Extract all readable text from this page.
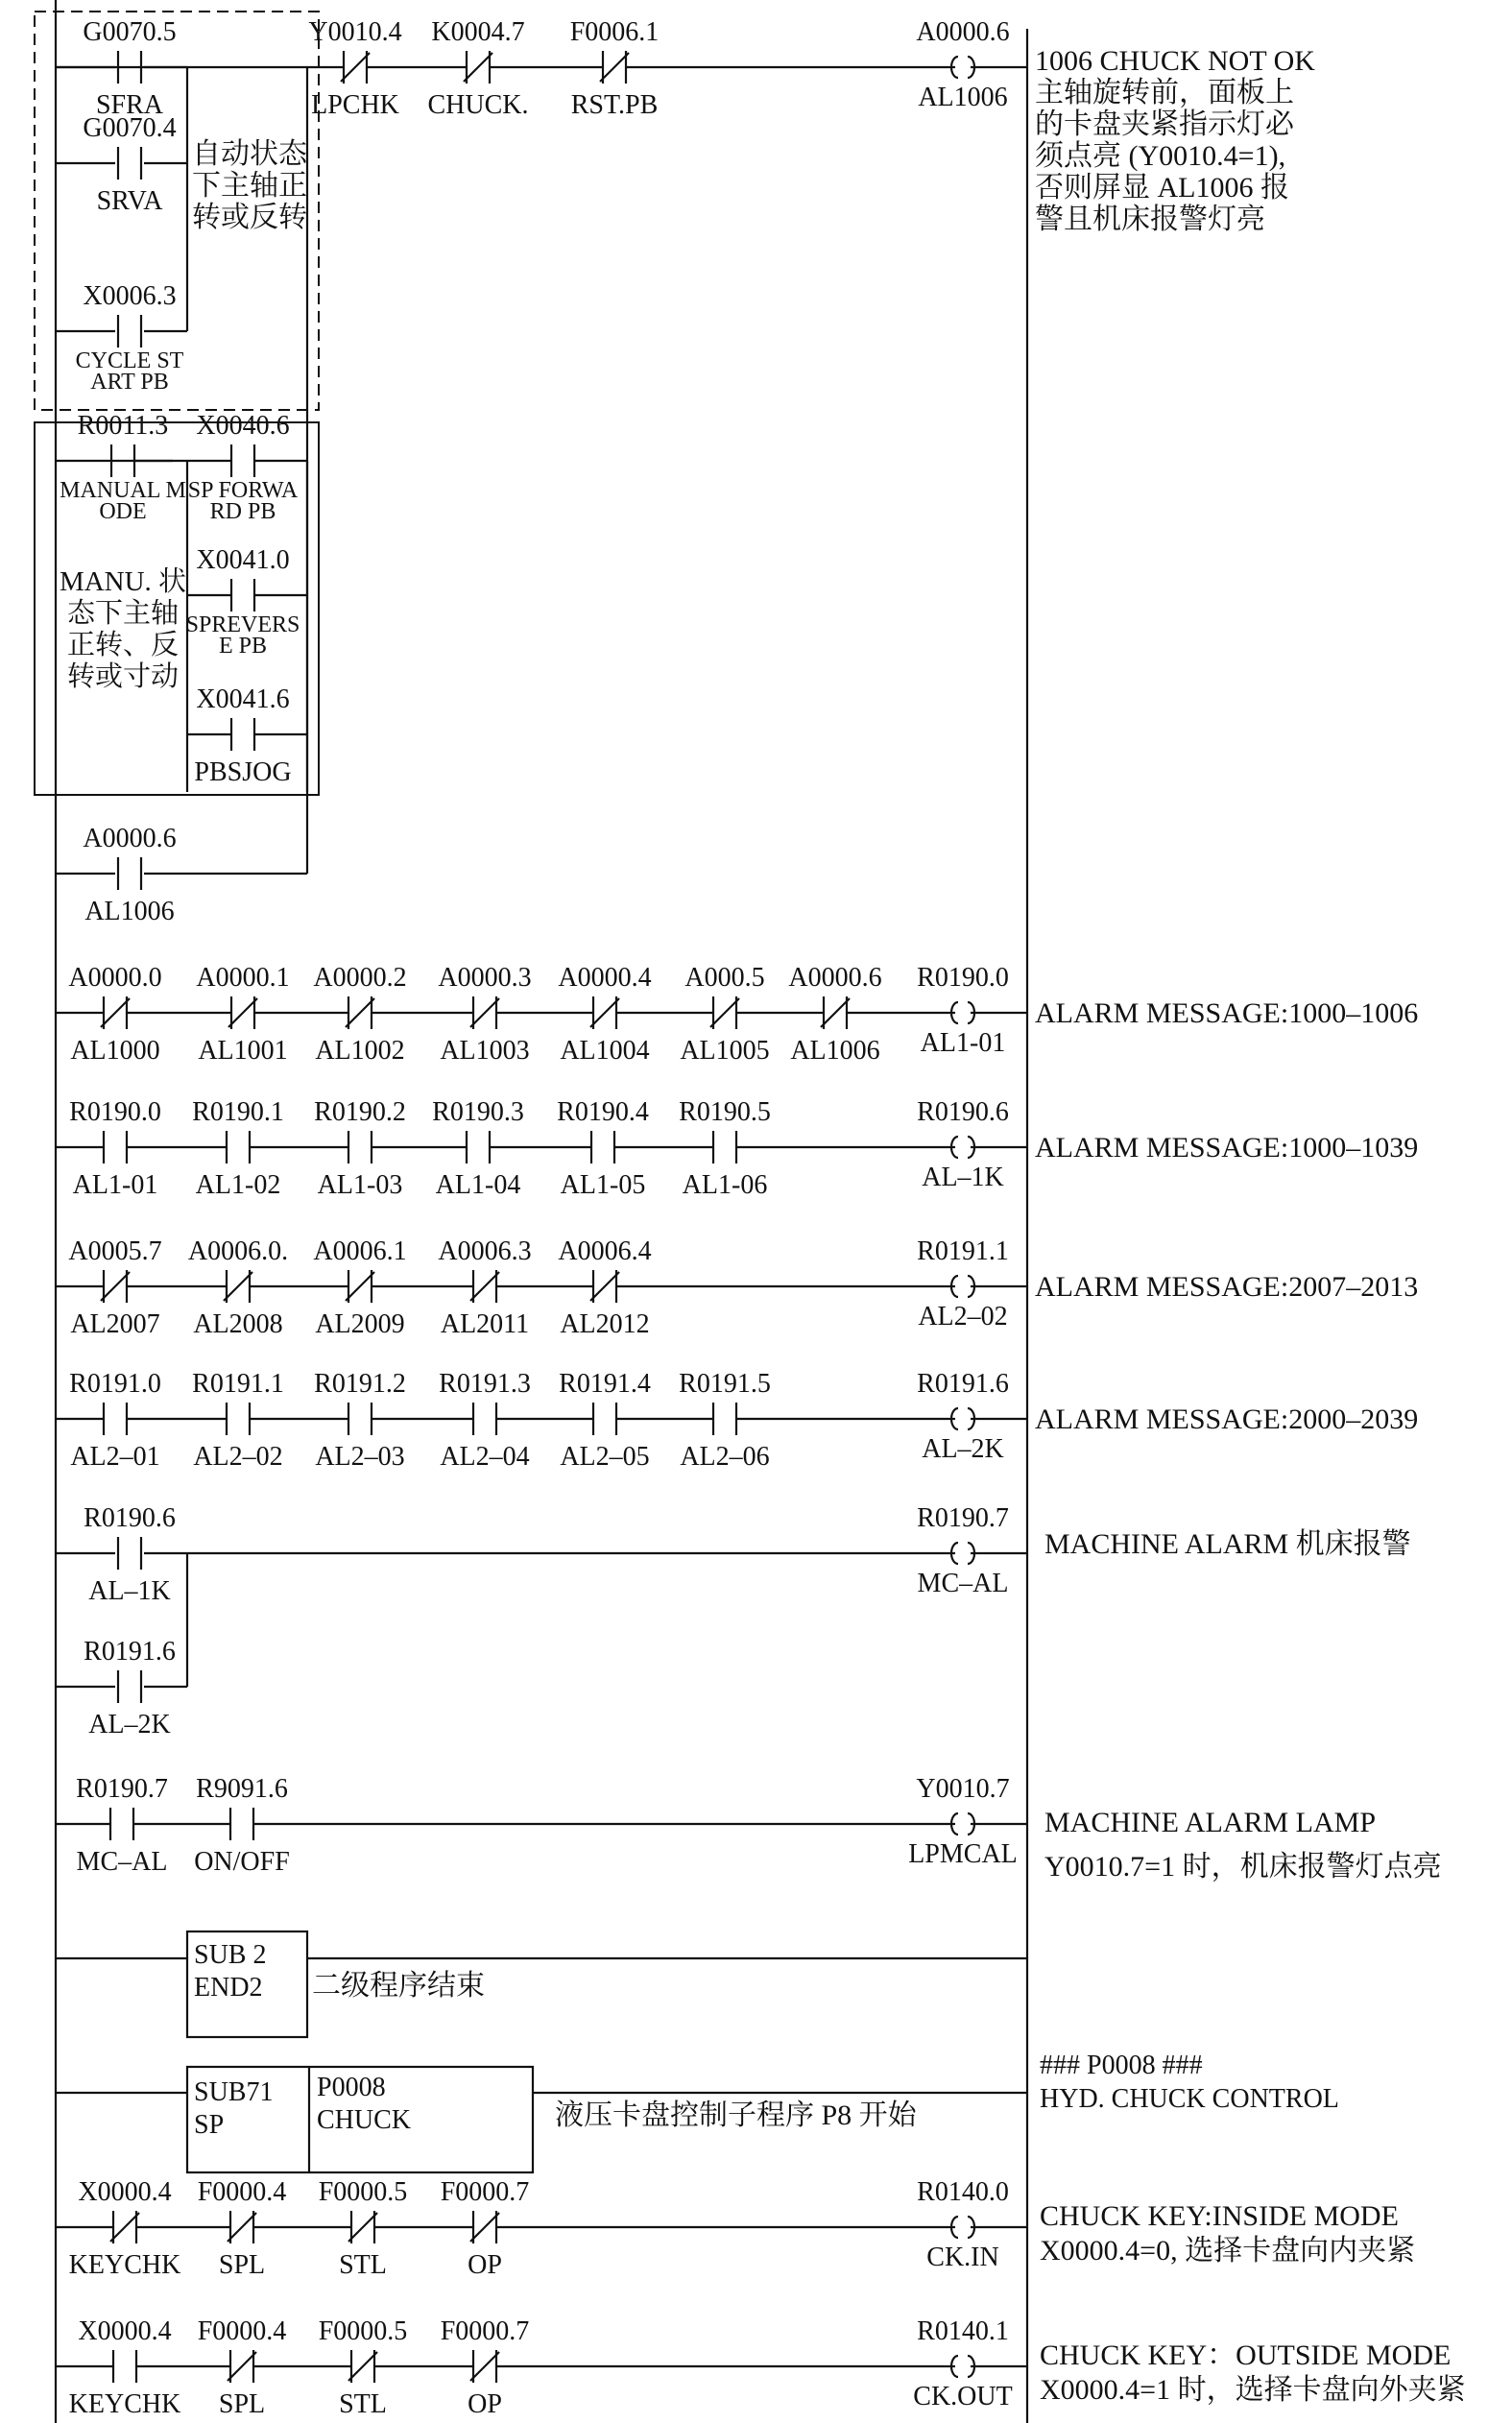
G0070.5
SFRA
G0070.4
SRVA
X0006.3
CYCLE ST
ART PB
自动状态
下主轴正
转或反转
R0011.3
MANUAL M
ODE
X0040.6
SP FORWA
RD PB
X0041.0
SPREVERS
E PB
X0041.6
PBSJOG
MANU. 状
态下主轴
正转、反
转或寸动
A0000.6
AL1006
Y0010.4
LPCHK
K0004.7
CHUCK.
F0006.1
RST.PB
A0000.6
AL1006
1006 CHUCK NOT OK
主轴旋转前，面板上
的卡盘夹紧指示灯必
须点亮 (Y0010.4=1),
否则屏显 AL1006 报
警且机床报警灯亮
A0000.0
AL1000
A0000.1
AL1001
A0000.2
AL1002
A0000.3
AL1003
A0000.4
AL1004
A000.5
AL1005
A0000.6
AL1006
R0190.0
AL1-01
ALARM MESSAGE:1000–1006
R0190.0
AL1-01
R0190.1
AL1-02
R0190.2
AL1-03
R0190.3
AL1-04
R0190.4
AL1-05
R0190.5
AL1-06
R0190.6
AL–1K
ALARM MESSAGE:1000–1039
A0005.7
AL2007
A0006.0.
AL2008
A0006.1
AL2009
A0006.3
AL2011
A0006.4
AL2012
R0191.1
AL2–02
ALARM MESSAGE:2007–2013
R0191.0
AL2–01
R0191.1
AL2–02
R0191.2
AL2–03
R0191.3
AL2–04
R0191.4
AL2–05
R0191.5
AL2–06
R0191.6
AL–2K
ALARM MESSAGE:2000–2039
R0190.6
AL–1K
R0191.6
AL–2K
R0190.7
MC–AL
MACHINE ALARM 机床报警
R0190.7
MC–AL
R9091.6
ON/OFF
Y0010.7
LPMCAL
MACHINE ALARM LAMP
Y0010.7=1 时，机床报警灯点亮
SUB 2
END2 二级程序结束
SUB71
SP
P0008
CHUCK	液压卡盘控制子程序 P8 开始
### P0008 ###
HYD. CHUCK CONTROL
X0000.4
KEYCHK
F0000.4
SPL
F0000.5
STL
F0000.7
OP
R0140.0
CK.IN
CHUCK KEY:INSIDE MODE
X0000.4=0, 选择卡盘向内夹紧
X0000.4
KEYCHK
F0000.4
SPL
F0000.5
STL
F0000.7
OP
R0140.1
CK.OUT
CHUCK KEY：OUTSIDE MODE
X0000.4=1 时，选择卡盘向外夹紧
